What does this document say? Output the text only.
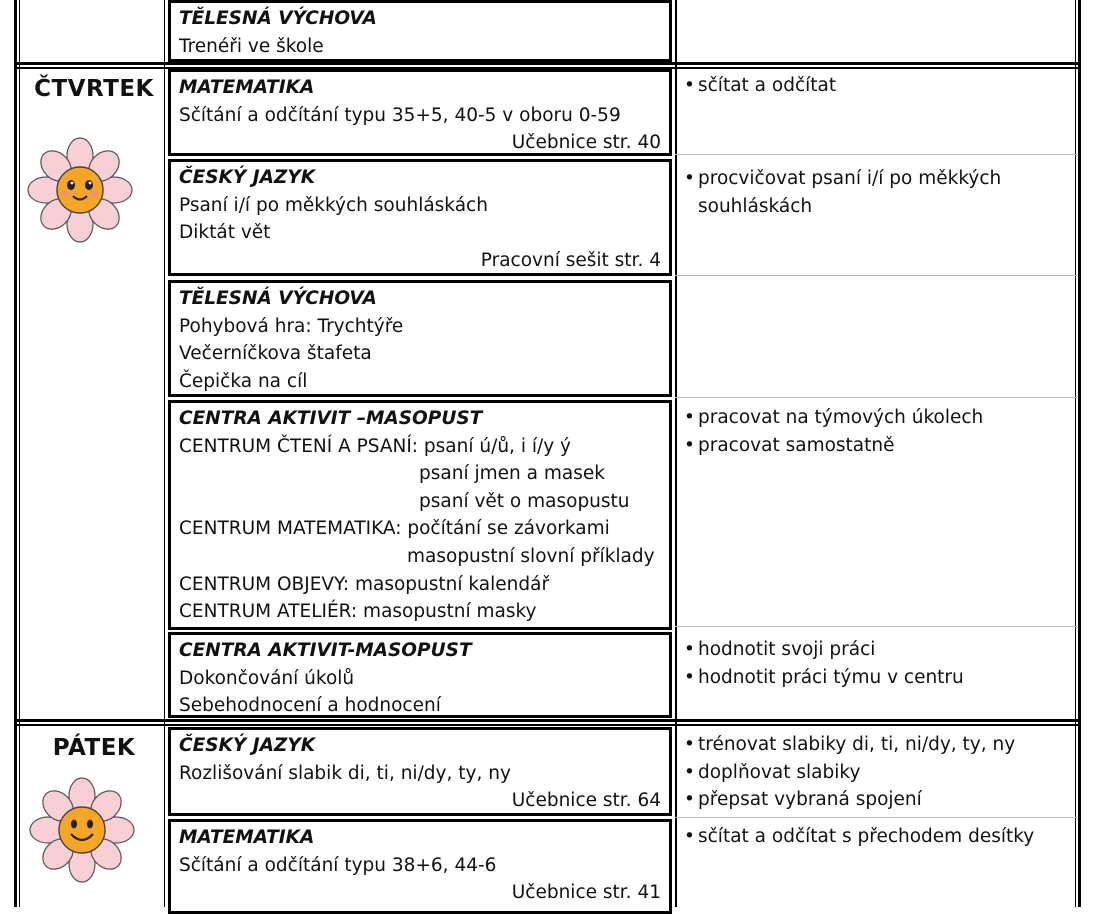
TĚLESNÁ VÝCHOVA
Trenéři ve škole
ČTVRTEK	MATEMATIKA
Sčítání a odčítání typu 35+5, 40-5 v oboru 0-59
Učebnice str. 40
• sčítat a odčítat
ČESKÝ JAZYK
Psaní i/í po měkkých souhláskách
Diktát vět
Pracovní sešit str. 4
• procvičovat psaní i/í po měkkých souhláskách
TĚLESNÁ VÝCHOVA
Pohybová hra: Trychtýře
Večerníčkova štafeta
Čepička na cíl
CENTRA AKTIVIT –MASOPUST
CENTRUM ČTENÍ A PSANÍ: psaní ú/ů, i í/y ý
psaní jmen a masek
psaní vět o masopustu
CENTRUM MATEMATIKA: počítání se závorkami
masopustní slovní příklady
CENTRUM OBJEVY: masopustní kalendář
CENTRUM ATELIÉR: masopustní masky
• pracovat na týmových úkolech
• pracovat samostatně
CENTRA AKTIVIT-MASOPUST
Dokončování úkolů
Sebehodnocení a hodnocení
• hodnotit svoji práci
• hodnotit práci týmu v centru
PÁTEK	ČESKÝ JAZYK
Rozlišování slabik di, ti, ni/dy, ty, ny
Učebnice str. 64
• trénovat slabiky di, ti, ni/dy, ty, ny
• doplňovat slabiky
• přepsat vybraná spojení
MATEMATIKA
Sčítání a odčítání typu 38+6, 44-6
Učebnice str. 41
• sčítat a odčítat s přechodem desítky
